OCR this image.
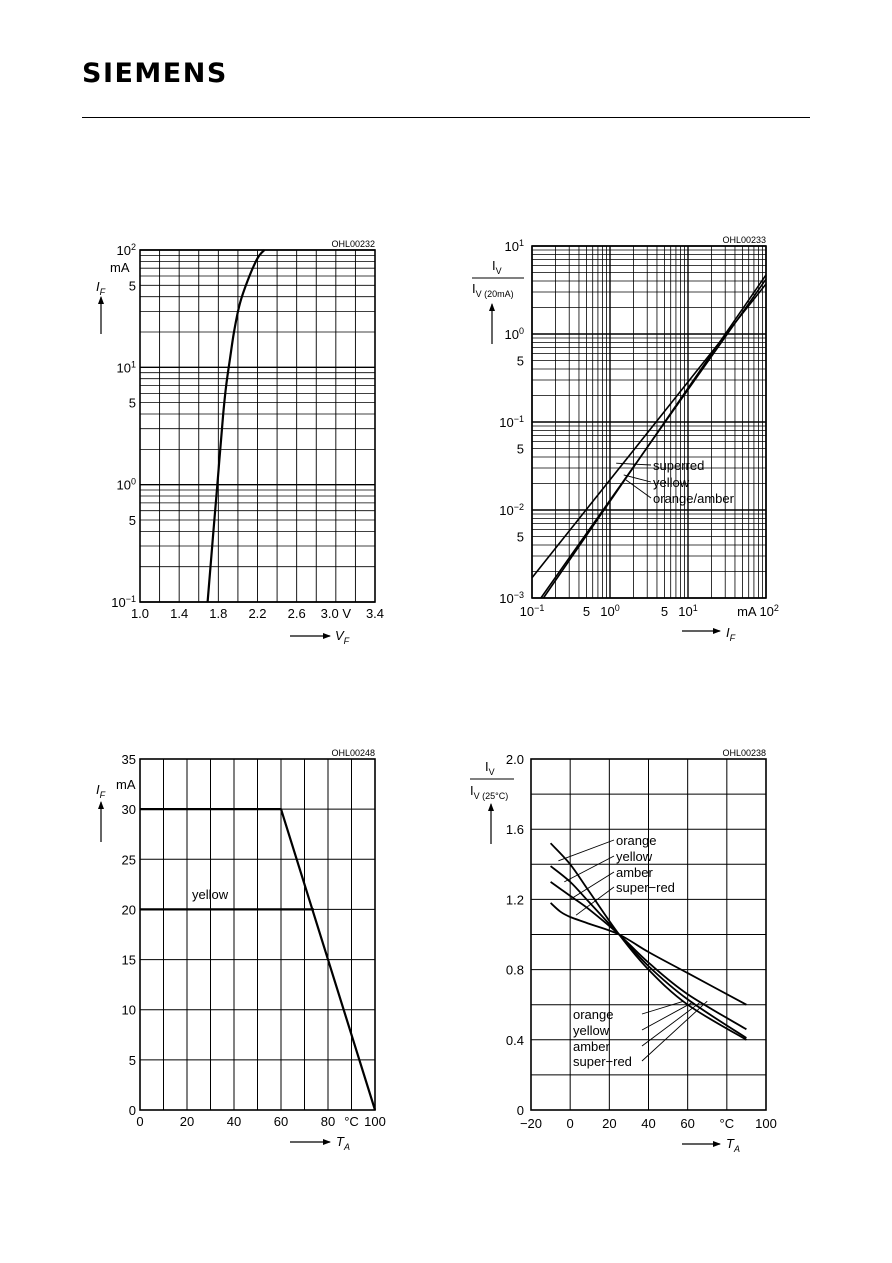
SIEMENS
1.0 1.4 1.8 2.2 2.6 3.0 V 3.4
$10^2$
5
$10^1$
5
$10^0$
5
$10^{-1}$
mA
$I_F$
$V_F$
OHL00232
$10^{-1}$	5 $10^0$	5 $10^1$	mA $10^2$
$10^1$
$10^0$
5
$10^{-1}$
5
$10^{-2}$
5
$10^{-3}$
$I_V$
$I_{V (20mA)}$
$I_F$
OHL00233
superred
yellow
orange/amber
0	20	40	60	80 °C 100
35
30
25
20
15
10
5
0
mA
$I_F$
$T_A$
OHL00248
yellow
−20 0 20 40 60 °C 100
2.0
1.6
1.2
0.8
0.4
0
$I_V$
$I_{V (25^\circ C)}$
$T_A$
OHL00238
orange
yellow
amber
super−red
orange
yellow
amber
super−red
